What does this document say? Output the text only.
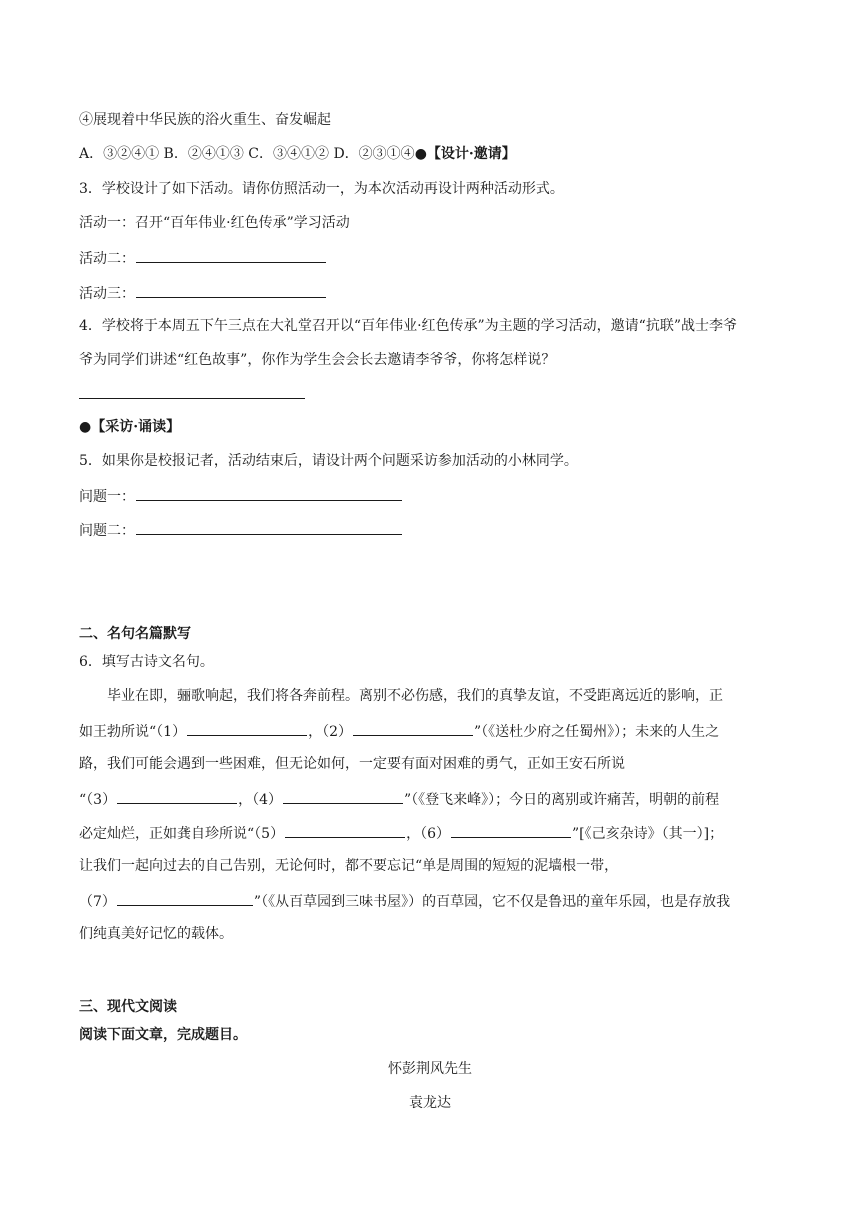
④展现着中华民族的浴火重生、奋发崛起
A．③②④① B．②④①③ C．③④①② D．②③①④●【设计·邀请】
3．学校设计了如下活动。请你仿照活动一，为本次活动再设计两种活动形式。
活动一：召开“百年伟业·红色传承”学习活动
活动二：
活动三：
4．学校将于本周五下午三点在大礼堂召开以“百年伟业·红色传承”为主题的学习活动，邀请“抗联”战士李爷
爷为同学们讲述“红色故事”，你作为学生会会长去邀请李爷爷，你将怎样说？
●【采访·诵读】
5．如果你是校报记者，活动结束后，请设计两个问题采访参加活动的小林同学。
问题一：
问题二：
二、名句名篇默写
6．填写古诗文名句。
毕业在即，骊歌响起，我们将各奔前程。离别不必伤感，我们的真挚友谊，不受距离远近的影响，正
如王勃所说“（1）	，（2）	”（《送杜少府之任蜀州》）；未来的人生之
路，我们可能会遇到一些困难，但无论如何，一定要有面对困难的勇气，正如王安石所说
“（3）	，（4）	”（《登飞来峰》）；今日的离别或许痛苦，明朝的前程
必定灿烂，正如龚自珍所说“（5）	，（6）	”[《己亥杂诗》（其一）]；
让我们一起向过去的自己告别，无论何时，都不要忘记“单是周围的短短的泥墙根一带，
（7）	”（《从百草园到三味书屋》）的百草园，它不仅是鲁迅的童年乐园，也是存放我
们纯真美好记忆的载体。
三、现代文阅读
阅读下面文章，完成题目。
怀彭荆风先生
袁龙达
